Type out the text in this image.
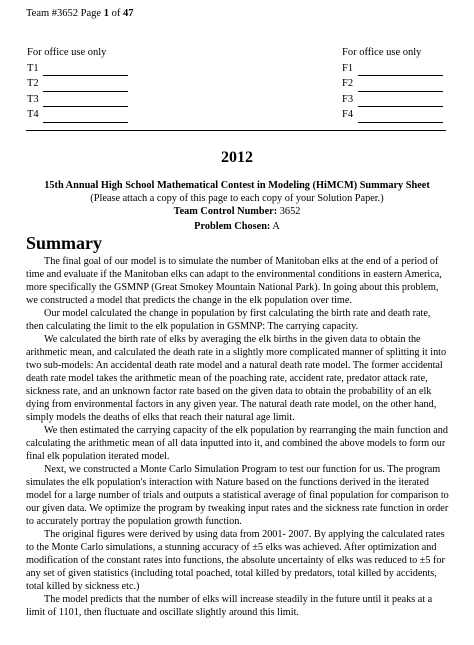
Team #3652 Page 1 of 47
For office use only
T1
T2
T3
T4
For office use only
F1
F2
F3
F4
2012
15th Annual High School Mathematical Contest in Modeling (HiMCM) Summary Sheet
(Please attach a copy of this page to each copy of your Solution Paper.)
Team Control Number: 3652
Problem Chosen: A
Summary

The final goal of our model is to simulate the number of Manitoban elks at the end of a period of time and evaluate if the Manitoban elks can adapt to the environmental conditions in eastern America, more specifically the GSMNP (Great Smokey Mountain National Park). In going about this problem, we constructed a model that predicts the change in the elk population over time.

Our model calculated the change in population by first calculating the birth rate and death rate, then calculating the limit to the elk population in GSMNP: The carrying capacity.

We calculated the birth rate of elks by averaging the elk births in the given data to obtain the arithmetic mean, and calculated the death rate in a slightly more complicated manner of splitting it into two sub-models: An accidental death rate model and a natural death rate model. The former accidental death rate model takes the arithmetic mean of the poaching rate, accident rate, predator attack rate, sickness rate, and an unknown factor rate based on the given data to obtain the probability of an elk dying from environmental factors in any given year. The natural death rate model, on the other hand, simply models the deaths of elks that reach their natural age limit.

We then estimated the carrying capacity of the elk population by rearranging the main function and calculating the arithmetic mean of all data inputted into it, and combined the above models to form our final elk population iterated model.

Next, we constructed a Monte Carlo Simulation Program to test our function for us. The program simulates the elk population's interaction with Nature based on the functions derived in the iterated model for a large number of trials and outputs a statistical average of final population for comparison to our given data. We optimize the program by tweaking input rates and the sickness rate function in order to accurately portray the population growth function.

The original figures were derived by using data from 2001- 2007. By applying the calculated rates to the Monte Carlo simulations, a stunning accuracy of ±5 elks was achieved. After optimization and modification of the constant rates into functions, the absolute uncertainty of elks was reduced to ±5 for any set of given statistics (including total poached, total killed by predators, total killed by accidents, total killed by sickness etc.)

The model predicts that the number of elks will increase steadily in the future until it peaks at a limit of 1101, then fluctuate and oscillate slightly around this limit.
